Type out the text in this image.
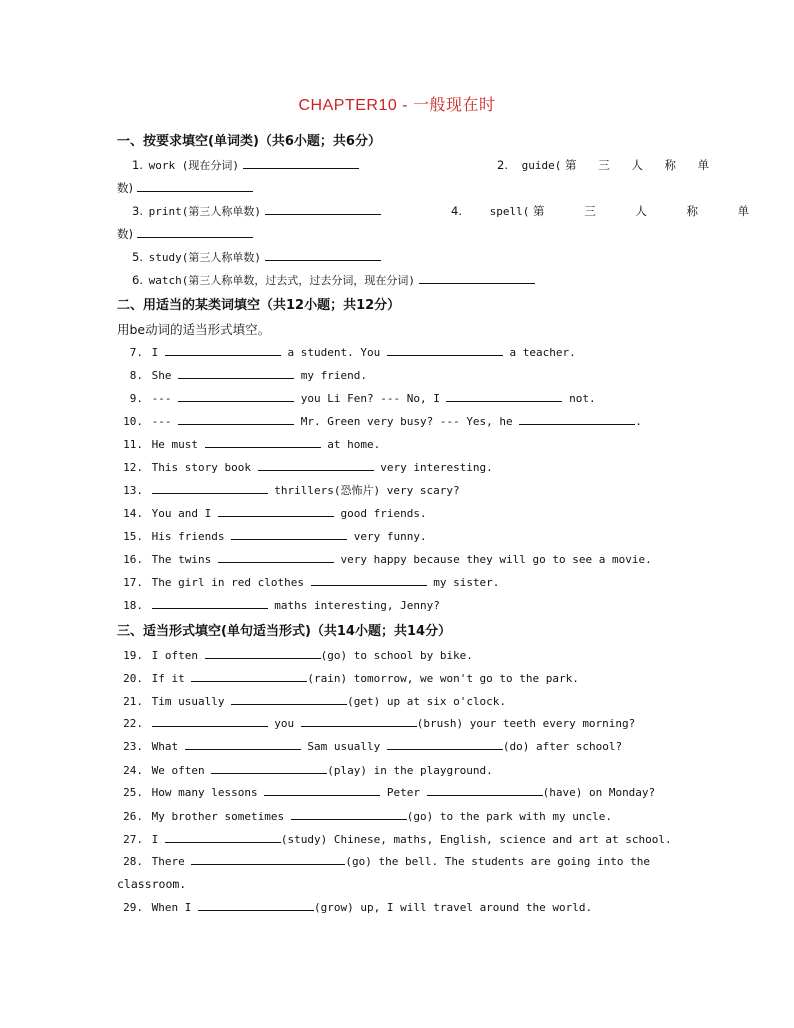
CHAPTER10 - 一般现在时
一、按要求填空(单词类)（共6小题；共6分）
1. work (现在分词)	2. guide( 第 三 人 称 单
数)
3. print(第三人称单数)	4.	spell( 第 三 人 称 单
数)
5. study(第三人称单数)
6. watch(第三人称单数，过去式，过去分词，现在分词)
二、用适当的某类词填空（共12小题；共12分）
用be动词的适当形式填空。
7. I	a student. You	a teacher.
8. She	my friend.
9. ---	you Li Fen? --- No, I	not.
10. ---	Mr. Green very busy? --- Yes, he	.
11. He must	at home.
12. This story book	very interesting.
13.	thrillers(恐怖片) very scary?
14. You and I	good friends.
15. His friends	very funny.
16. The twins	very happy because they will go to see a movie.
17. The girl in red clothes	my sister.
18.	maths interesting, Jenny?
三、适当形式填空(单句适当形式)（共14小题；共14分）
19. I often	(go) to school by bike.
20. If it	(rain) tomorrow, we won't go to the park.
21. Tim usually	(get) up at six o'clock.
22.	you	(brush) your teeth every morning?
23. What	Sam usually	(do) after school?
24. We often	(play) in the playground.
25. How many lessons	Peter	(have) on Monday?
26. My brother sometimes	(go) to the park with my uncle.
27. I	(study) Chinese, maths, English, science and art at school.
28. There	(go) the bell. The students are going into the
classroom.
29. When I	(grow) up, I will travel around the world.
